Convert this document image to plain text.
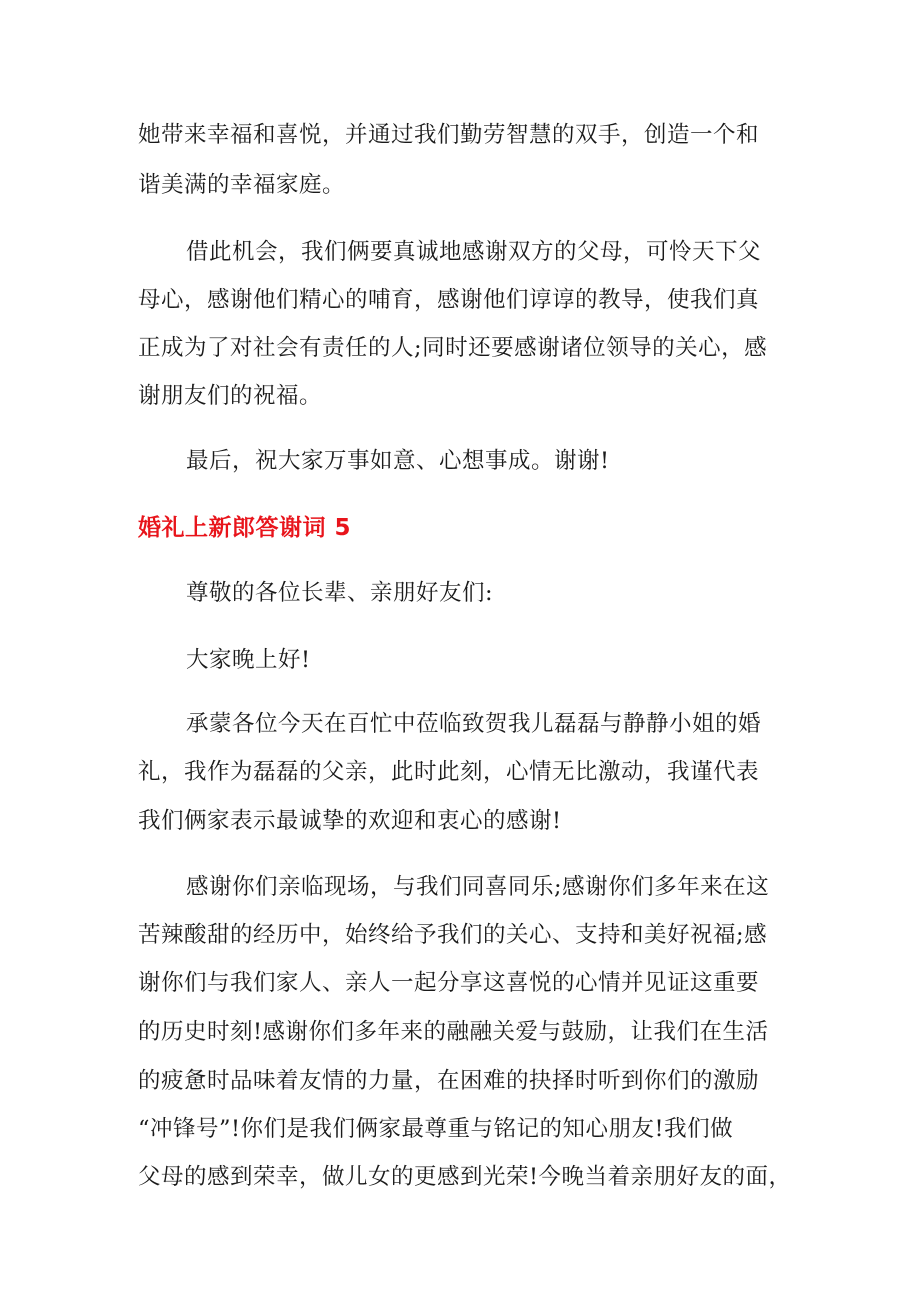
她带来幸福和喜悦，并通过我们勤劳智慧的双手，创造一个和
谐美满的幸福家庭。
借此机会，我们俩要真诚地感谢双方的父母，可怜天下父
母心，感谢他们精心的哺育，感谢他们谆谆的教导，使我们真
正成为了对社会有责任的人;同时还要感谢诸位领导的关心，感
谢朋友们的祝福。
最后，祝大家万事如意、心想事成。谢谢!
婚礼上新郎答谢词 5
尊敬的各位长辈、亲朋好友们:
大家晚上好!
承蒙各位今天在百忙中莅临致贺我儿磊磊与静静小姐的婚
礼，我作为磊磊的父亲，此时此刻，心情无比激动，我谨代表
我们俩家表示最诚挚的欢迎和衷心的感谢!
感谢你们亲临现场，与我们同喜同乐;感谢你们多年来在这
苦辣酸甜的经历中，始终给予我们的关心、支持和美好祝福;感
谢你们与我们家人、亲人一起分享这喜悦的心情并见证这重要
的历史时刻!感谢你们多年来的融融关爱与鼓励，让我们在生活
的疲惫时品味着友情的力量，在困难的抉择时听到你们的激励
“冲锋号”!你们是我们俩家最尊重与铭记的知心朋友!我们做
父母的感到荣幸，做儿女的更感到光荣!今晚当着亲朋好友的面，
